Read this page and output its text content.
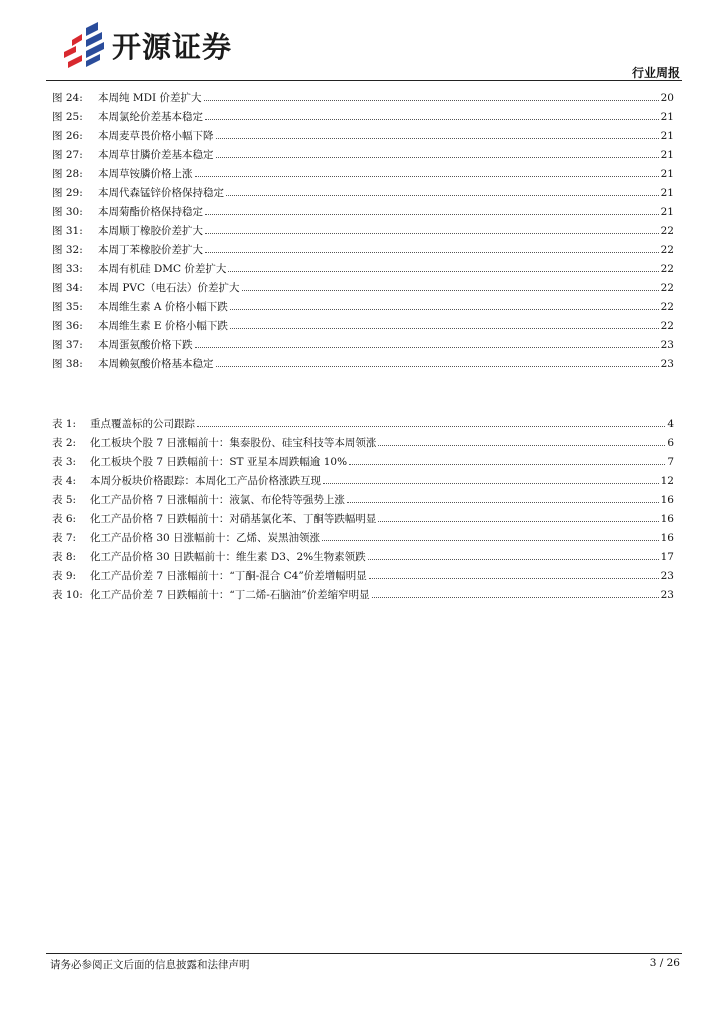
开源证券
行业周报
图 24:	本周纯 MDI 价差扩大	20
图 25:	本周氯纶价差基本稳定	21
图 26:	本周麦草畏价格小幅下降	21
图 27:	本周草甘膦价差基本稳定	21
图 28:	本周草铵膦价格上涨	21
图 29:	本周代森锰锌价格保持稳定	21
图 30:	本周菊酯价格保持稳定	21
图 31:	本周顺丁橡胶价差扩大	22
图 32:	本周丁苯橡胶价差扩大	22
图 33:	本周有机硅 DMC 价差扩大	22
图 34:	本周 PVC（电石法）价差扩大	22
图 35:	本周维生素 A 价格小幅下跌	22
图 36:	本周维生素 E 价格小幅下跌	22
图 37:	本周蛋氨酸价格下跌	23
图 38:	本周赖氨酸价格基本稳定	23
表 1:	重点覆盖标的公司跟踪	4
表 2:	化工板块个股 7 日涨幅前十：集泰股份、硅宝科技等本周领涨	6
表 3:	化工板块个股 7 日跌幅前十：ST 亚星本周跌幅逾 10%	7
表 4:	本周分板块价格跟踪：本周化工产品价格涨跌互现	12
表 5:	化工产品价格 7 日涨幅前十：液氯、布伦特等强势上涨	16
表 6:	化工产品价格 7 日跌幅前十：对硝基氯化苯、丁酮等跌幅明显	16
表 7:	化工产品价格 30 日涨幅前十：乙烯、炭黑油领涨	16
表 8:	化工产品价格 30 日跌幅前十：维生素 D3、2%生物素领跌	17
表 9:	化工产品价差 7 日涨幅前十：“丁酮-混合 C4”价差增幅明显	23
表 10: 化工产品价差 7 日跌幅前十：“丁二烯-石脑油”价差缩窄明显	23
请务必参阅正文后面的信息披露和法律声明	3 / 26
